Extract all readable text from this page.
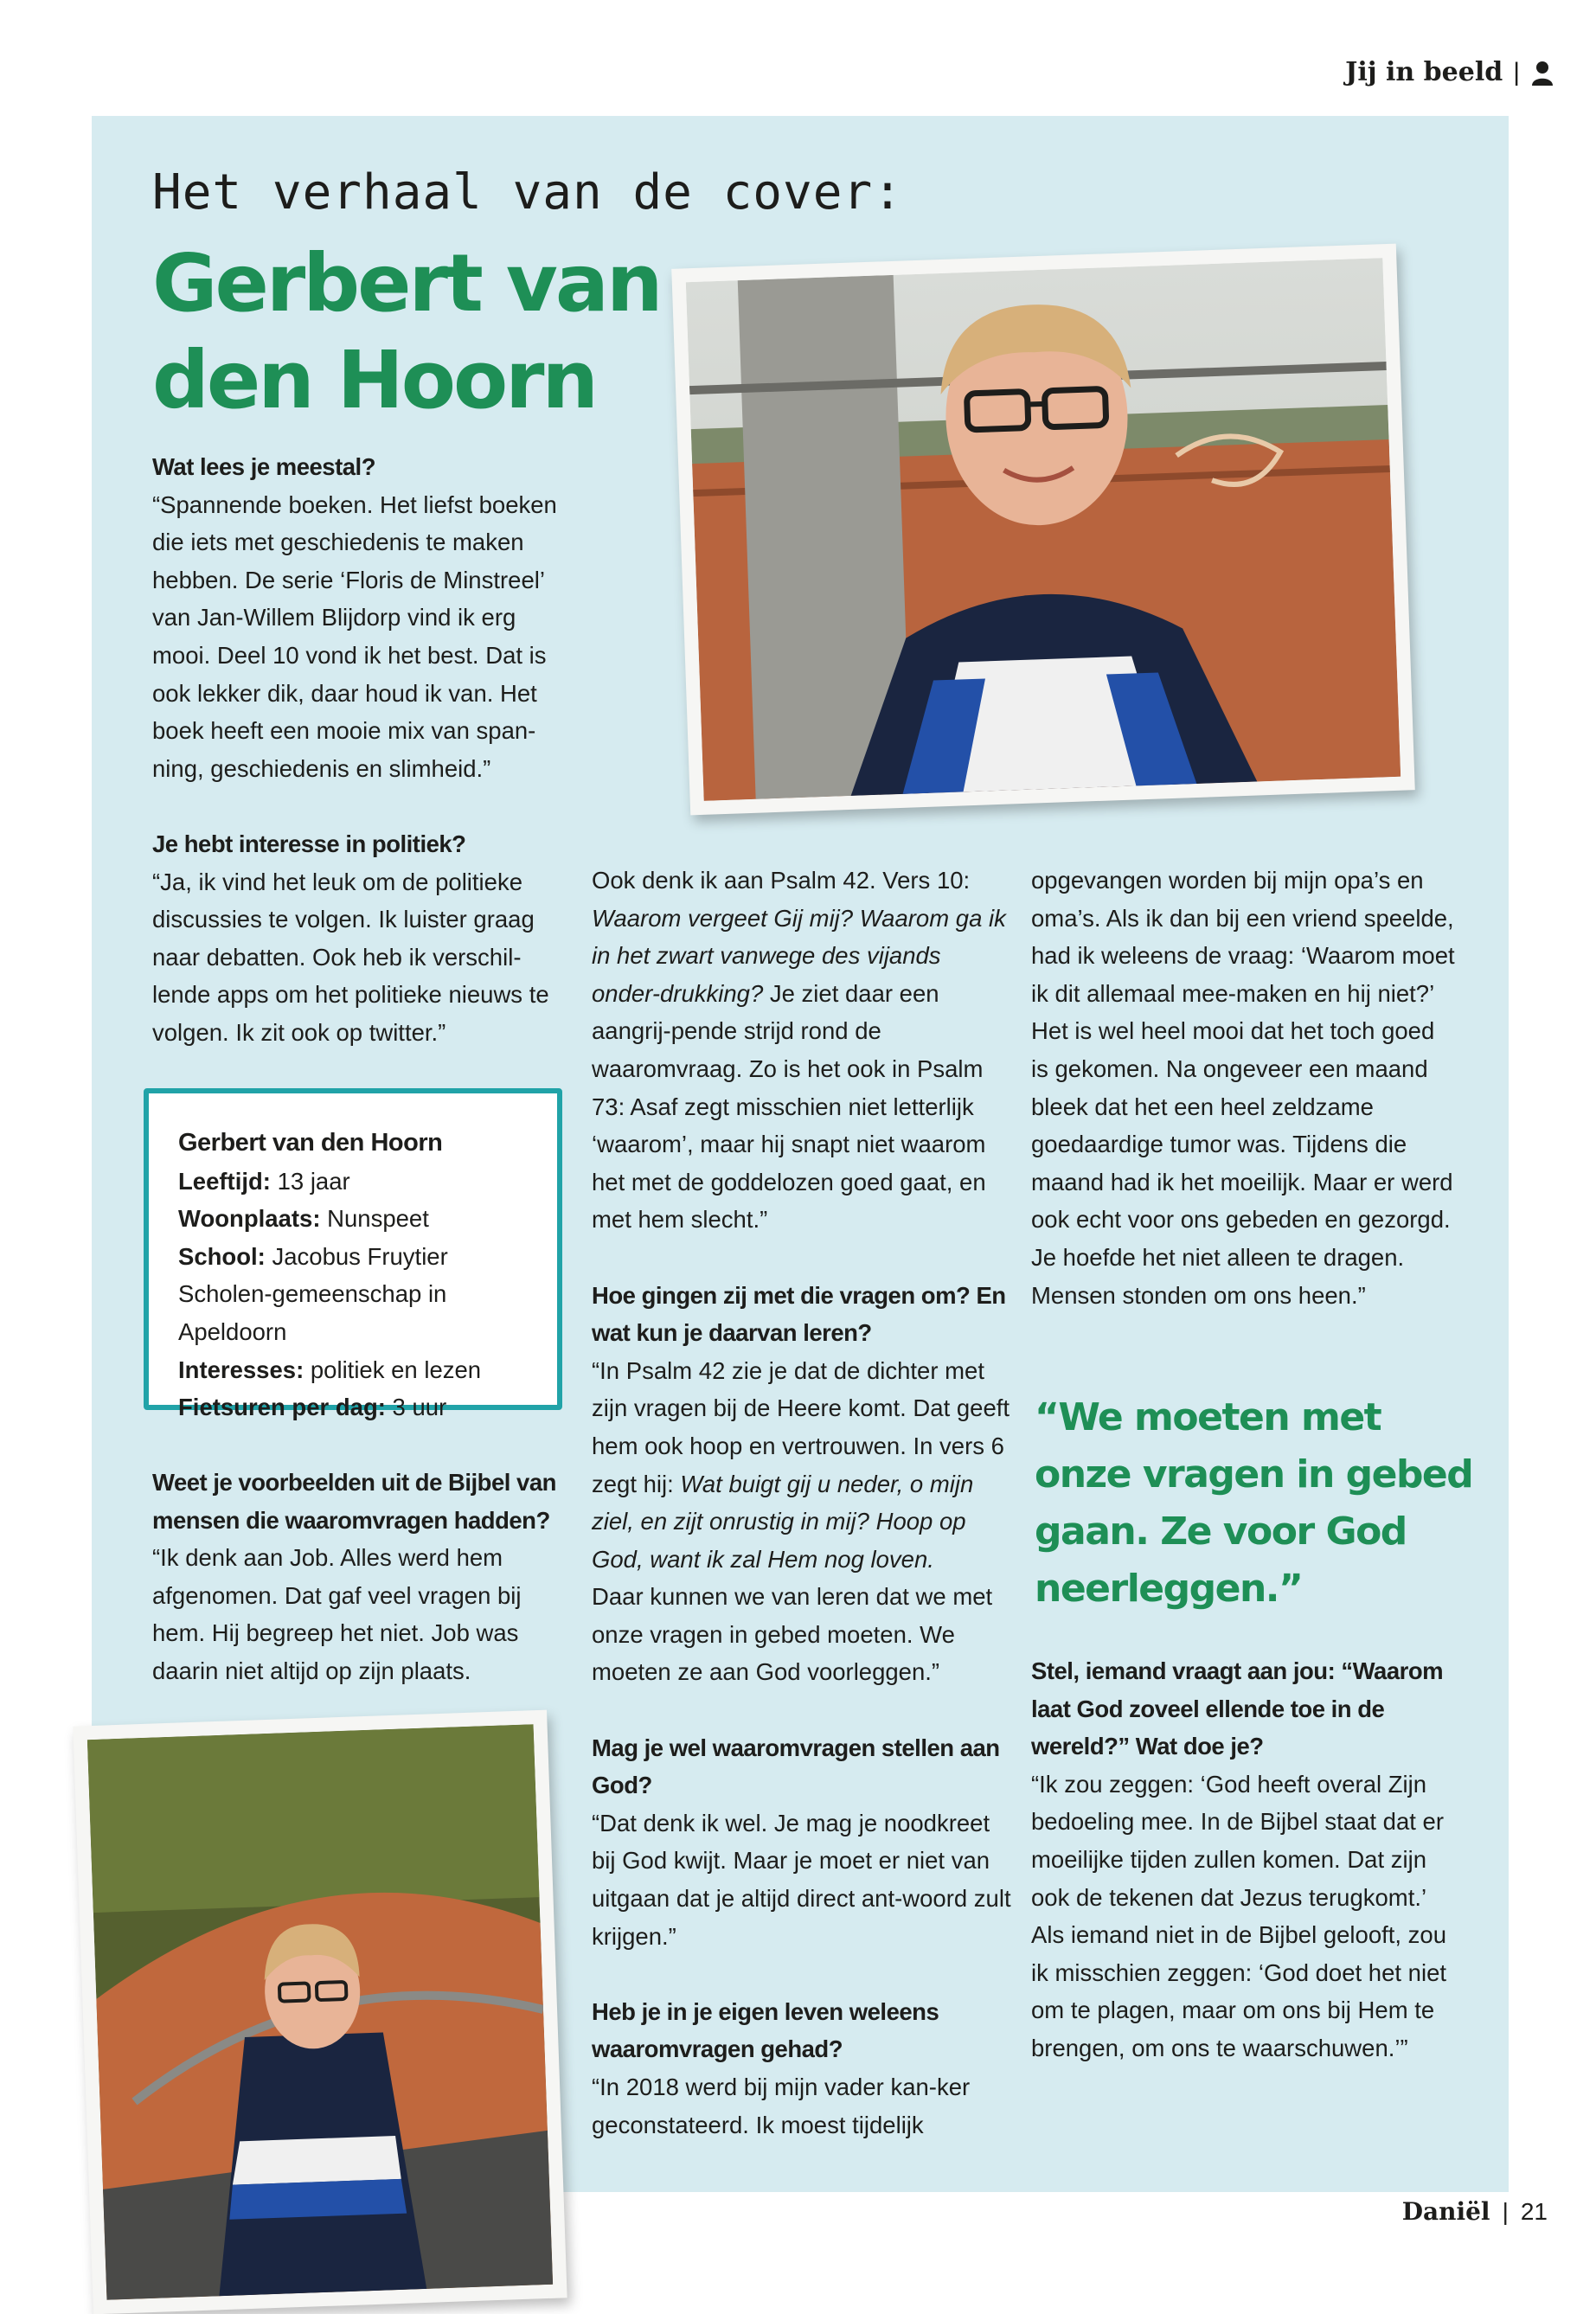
Jij in beeld |
Het verhaal van de cover:
Gerbert van den Hoorn

Wat lees je meestal?

“Spannende boeken. Het liefst boeken die iets met geschiedenis te maken hebben. De serie ‘Floris de Minstreel’ van Jan-Willem Blijdorp vind ik erg mooi. Deel 10 vond ik het best. Dat is ook lekker dik, daar houd ik van. Het boek heeft een mooie mix van span-ning, geschiedenis en slimheid.”

Je hebt interesse in politiek?

“Ja, ik vind het leuk om de politieke discussies te volgen. Ik luister graag naar debatten. Ook heb ik verschil-lende apps om het politieke nieuws te volgen. Ik zit ook op twitter.”

Gerbert van den Hoorn
Leeftijd: 13 jaar
Woonplaats: Nunspeet
School: Jacobus Fruytier Scholen-gemeenschap in Apeldoorn
Interesses: politiek en lezen
Fietsuren per dag: 3 uur

Weet je voorbeelden uit de Bijbel van mensen die waaromvragen hadden?

“Ik denk aan Job. Alles werd hem afgenomen. Dat gaf veel vragen bij hem. Hij begreep het niet. Job was daarin niet altijd op zijn plaats.

Ook denk ik aan Psalm 42. Vers 10: Waarom vergeet Gij mij? Waarom ga ik in het zwart vanwege des vijands onder-drukking? Je ziet daar een aangrij-pende strijd rond de waaromvraag. Zo is het ook in Psalm 73: Asaf zegt misschien niet letterlijk ‘waarom’, maar hij snapt niet waarom het met de goddelozen goed gaat, en met hem slecht.”

Hoe gingen zij met die vragen om? En wat kun je daarvan leren?

“In Psalm 42 zie je dat de dichter met zijn vragen bij de Heere komt. Dat geeft hem ook hoop en vertrouwen. In vers 6 zegt hij: Wat buigt gij u neder, o mijn ziel, en zijt onrustig in mij? Hoop op God, want ik zal Hem nog loven.

Daar kunnen we van leren dat we met onze vragen in gebed moeten. We moeten ze aan God voorleggen.”

Mag je wel waaromvragen stellen aan God?

“Dat denk ik wel. Je mag je noodkreet bij God kwijt. Maar je moet er niet van uitgaan dat je altijd direct ant-woord zult krijgen.”

Heb je in je eigen leven weleens waaromvragen gehad?

“In 2018 werd bij mijn vader kan-ker geconstateerd. Ik moest tijdelijk

opgevangen worden bij mijn opa’s en oma’s. Als ik dan bij een vriend speelde, had ik weleens de vraag: ‘Waarom moet ik dit allemaal mee-maken en hij niet?’ Het is wel heel mooi dat het toch goed is gekomen. Na ongeveer een maand bleek dat het een heel zeldzame goedaardige tumor was. Tijdens die maand had ik het moeilijk. Maar er werd ook echt voor ons gebeden en gezorgd. Je hoefde het niet alleen te dragen. Mensen stonden om ons heen.”

“We moeten met onze vragen in gebed gaan. Ze voor God neerleggen.”

Stel, iemand vraagt aan jou: “Waarom laat God zoveel ellende toe in de wereld?” Wat doe je?

“Ik zou zeggen: ‘God heeft overal Zijn bedoeling mee. In de Bijbel staat dat er moeilijke tijden zullen komen. Dat zijn ook de tekenen dat Jezus terugkomt.’

Als iemand niet in de Bijbel gelooft, zou ik misschien zeggen: ‘God doet het niet om te plagen, maar om ons bij Hem te brengen, om ons te waarschuwen.’”

Daniël | 21
